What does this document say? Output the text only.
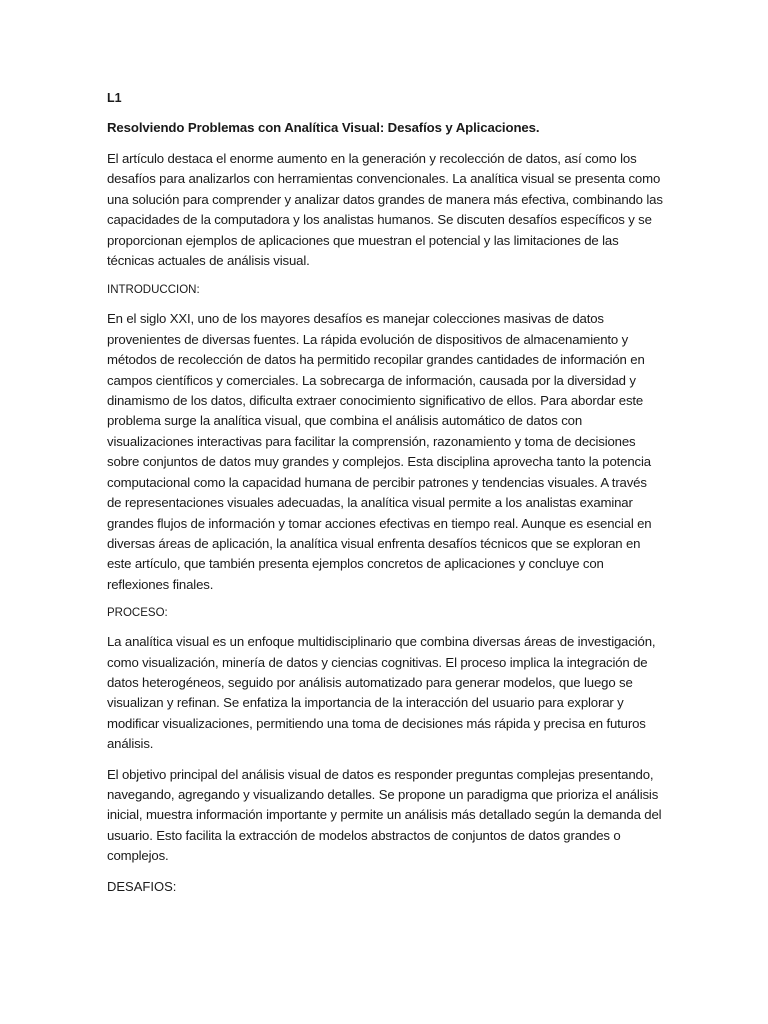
L1

Resolviendo Problemas con Analítica Visual: Desafíos y Aplicaciones.

El artículo destaca el enorme aumento en la generación y recolección de datos, así como los desafíos para analizarlos con herramientas convencionales. La analítica visual se presenta como una solución para comprender y analizar datos grandes de manera más efectiva, combinando las capacidades de la computadora y los analistas humanos. Se discuten desafíos específicos y se proporcionan ejemplos de aplicaciones que muestran el potencial y las limitaciones de las técnicas actuales de análisis visual.

INTRODUCCION:

En el siglo XXI, uno de los mayores desafíos es manejar colecciones masivas de datos provenientes de diversas fuentes. La rápida evolución de dispositivos de almacenamiento y métodos de recolección de datos ha permitido recopilar grandes cantidades de información en campos científicos y comerciales. La sobrecarga de información, causada por la diversidad y dinamismo de los datos, dificulta extraer conocimiento significativo de ellos. Para abordar este problema surge la analítica visual, que combina el análisis automático de datos con visualizaciones interactivas para facilitar la comprensión, razonamiento y toma de decisiones sobre conjuntos de datos muy grandes y complejos. Esta disciplina aprovecha tanto la potencia computacional como la capacidad humana de percibir patrones y tendencias visuales. A través de representaciones visuales adecuadas, la analítica visual permite a los analistas examinar grandes flujos de información y tomar acciones efectivas en tiempo real. Aunque es esencial en diversas áreas de aplicación, la analítica visual enfrenta desafíos técnicos que se exploran en este artículo, que también presenta ejemplos concretos de aplicaciones y concluye con reflexiones finales.

PROCESO:

La analítica visual es un enfoque multidisciplinario que combina diversas áreas de investigación, como visualización, minería de datos y ciencias cognitivas. El proceso implica la integración de datos heterogéneos, seguido por análisis automatizado para generar modelos, que luego se visualizan y refinan. Se enfatiza la importancia de la interacción del usuario para explorar y modificar visualizaciones, permitiendo una toma de decisiones más rápida y precisa en futuros análisis.

El objetivo principal del análisis visual de datos es responder preguntas complejas presentando, navegando, agregando y visualizando detalles. Se propone un paradigma que prioriza el análisis inicial, muestra información importante y permite un análisis más detallado según la demanda del usuario. Esto facilita la extracción de modelos abstractos de conjuntos de datos grandes o complejos.

DESAFIOS:
